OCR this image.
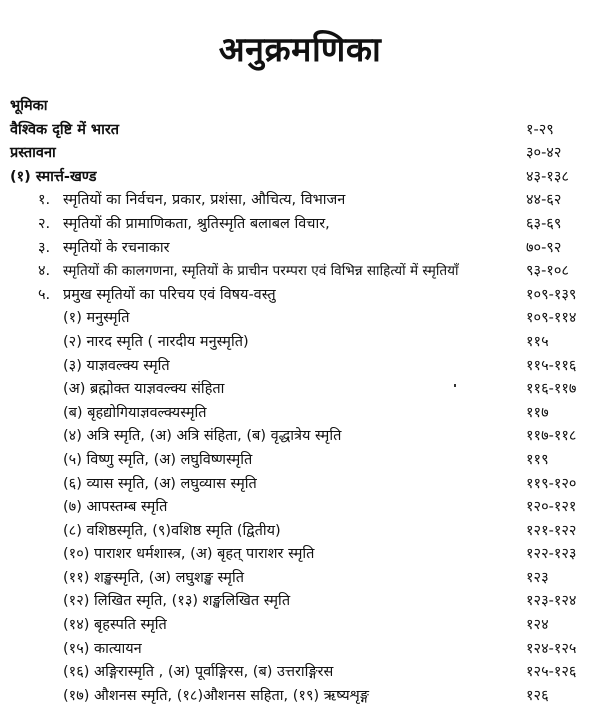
अनुक्रमणिका
भूमिका
वैश्विक दृष्टि में भारत	१-२९
प्रस्तावना	३०-४२
(१) स्मार्त्त-खण्ड	४३-१३८
१. स्मृतियों का निर्वचन, प्रकार, प्रशंसा, औचित्य, विभाजन	४४-६२
२. स्मृतियों की प्रामाणिकता, श्रुतिस्मृति बलाबल विचार,	६३-६९
३. स्मृतियों के रचनाकार	७०-९२
४. स्मृतियों की कालगणना, स्मृतियों के प्राचीन परम्परा एवं विभिन्न साहित्यों में स्मृतियाँ	९३-१०८
५. प्रमुख स्मृतियों का परिचय एवं विषय-वस्तु	१०९-१३९
(१) मनुस्मृति	१०९-११४
(२) नारद स्मृति ( नारदीय मनुस्मृति)	११५
(३) याज्ञवल्क्य स्मृति	११५-११६
(अ) ब्रह्मोक्त याज्ञवल्क्य संहिता	११६-११७
(ब) बृहद्योगियाज्ञवल्क्यस्मृति	११७
(४) अत्रि स्मृति, (अ) अत्रि संहिता, (ब) वृद्धात्रेय स्मृति	११७-११८
(५) विष्णु स्मृति, (अ) लघुविष्णस्मृति	११९
(६) व्यास स्मृति, (अ) लघुव्यास स्मृति	११९-१२०
(७) आपस्तम्ब स्मृति	१२०-१२१
(८) वशिष्ठस्मृति, (९)वशिष्ठ स्मृति (द्वितीय)	१२१-१२२
(१०) पाराशर धर्मशास्त्र, (अ) बृहत् पाराशर स्मृति	१२२-१२३
(११) शङ्खस्मृति, (अ) लघुशङ्ख स्मृति	१२३
(१२) लिखित स्मृति, (१३) शङ्खलिखित स्मृति	१२३-१२४
(१४) बृहस्पति स्मृति	१२४
(१५) कात्यायन	१२४-१२५
(१६) अङ्गिरास्मृति , (अ) पूर्वाङ्गिरस, (ब) उत्तराङ्गिरस	१२५-१२६
(१७) औशनस स्मृति, (१८)औशनस सहिता, (१९) ऋष्यशृङ्ग	१२६
